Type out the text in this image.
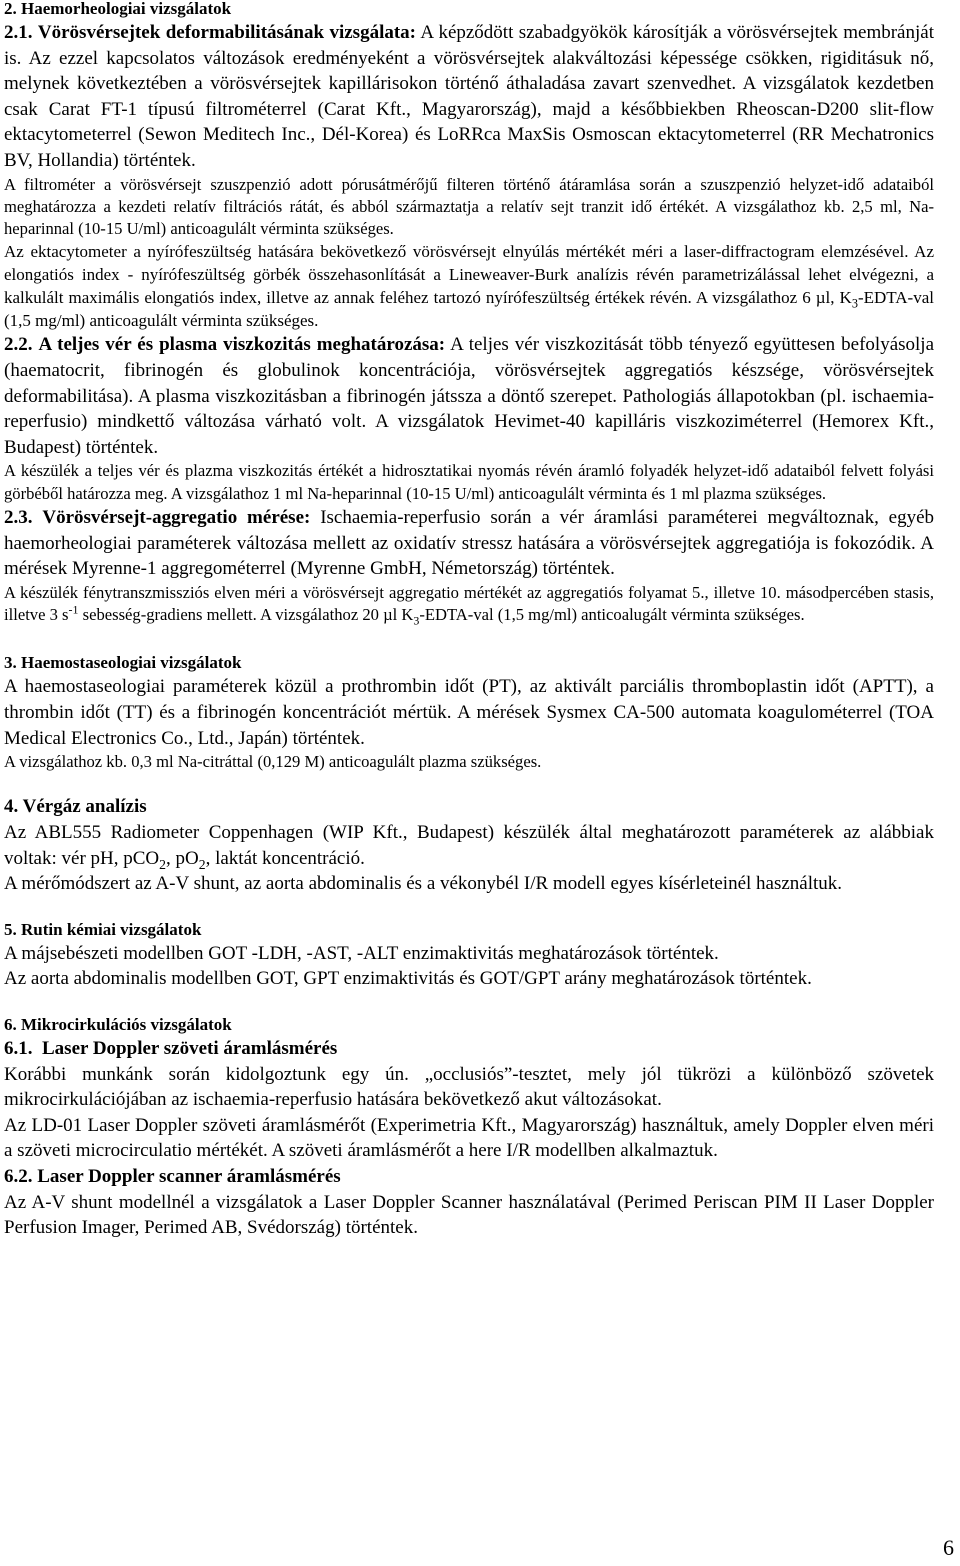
2. Haemorheologiai vizsgálatok

2.1. Vörösvérsejtek deformabilitásának vizsgálata: A képződött szabadgyökök károsítják a vörösvérsejtek membránját is. Az ezzel kapcsolatos változások eredményeként a vörösvérsejtek alakváltozási képessége csökken, rigiditásuk nő, melynek következtében a vörösvérsejtek kapillárisokon történő áthaladása zavart szenvedhet. A vizsgálatok kezdetben csak Carat FT-1 típusú filtrométerrel (Carat Kft., Magyarország), majd a későbbiekben Rheoscan-D200 slit-flow ektacytometerrel (Sewon Meditech Inc., Dél-Korea) és LoRRca MaxSis Osmoscan ektacytometerrel (RR Mechatronics BV, Hollandia) történtek.

A filtrométer a vörösvérsejt szuszpenzió adott pórusátmérőjű filteren történő átáramlása során a szuszpenzió helyzet-idő adataiból meghatározza a kezdeti relatív filtrációs rátát, és abból származtatja a relatív sejt tranzit idő értékét. A vizsgálathoz kb. 2,5 ml, Na-heparinnal (10-15 U/ml) anticoagulált vérminta szükséges.

Az ektacytometer a nyírófeszültség hatására bekövetkező vörösvérsejt elnyúlás mértékét méri a laser-diffractogram elemzésével. Az elongatiós index - nyírófeszültség görbék összehasonlítását a Lineweaver-Burk analízis révén parametrizálással lehet elvégezni, a kalkulált maximális elongatiós index, illetve az annak feléhez tartozó nyírófeszültség értékek révén. A vizsgálathoz 6 µl, $K_3-EDTA$-val (1,5 mg/ml) anticoagulált vérminta szükséges.

2.2. A teljes vér és plasma viszkozitás meghatározása: A teljes vér viszkozitását több tényező együttesen befolyásolja (haematocrit, fibrinogén és globulinok koncentrációja, vörösvérsejtek aggregatiós készsége, vörösvérsejtek deformabilitása). A plasma viszkozitásban a fibrinogén játssza a döntő szerepet. Pathologiás állapotokban (pl. ischaemia-reperfusio) mindkettő változása várható volt. A vizsgálatok Hevimet-40 kapilláris viszkoziméterrel (Hemorex Kft., Budapest) történtek.

A készülék a teljes vér és plazma viszkozitás értékét a hidrosztatikai nyomás révén áramló folyadék helyzet-idő adataiból felvett folyási görbéből határozza meg. A vizsgálathoz 1 ml Na-heparinnal (10-15 U/ml) anticoagulált vérminta és 1 ml plazma szükséges.

2.3. Vörösvérsejt-aggregatio mérése: Ischaemia-reperfusio során a vér áramlási paraméterei megváltoznak, egyéb haemorheologiai paraméterek változása mellett az oxidatív stressz hatására a vörösvérsejtek aggregatiója is fokozódik. A mérések Myrenne-1 aggregométerrel (Myrenne GmbH, Németország) történtek.

A készülék fénytranszmissziós elven méri a vörösvérsejt aggregatio mértékét az aggregatiós folyamat 5., illetve 10. másodpercében stasis, illetve 3 $s^{-1}$ sebesség-gradiens mellett. A vizsgálathoz 20 µl $K_3-EDTA$-val (1,5 mg/ml) anticoalugált vérminta szükséges.

3. Haemostaseologiai vizsgálatok

A haemostaseologiai paraméterek közül a prothrombin időt (PT), az aktivált parciális thromboplastin időt (APTT), a thrombin időt (TT) és a fibrinogén koncentrációt mértük. A mérések Sysmex CA-500 automata koagulométerrel (TOA Medical Electronics Co., Ltd., Japán) történtek.

A vizsgálathoz kb. 0,3 ml Na-citráttal (0,129 M) anticoagulált plazma szükséges.

4. Vérgáz analízis

Az ABL555 Radiometer Coppenhagen (WIP Kft., Budapest) készülék által meghatározott paraméterek az alábbiak voltak: vér pH, pCO$_2$, $pO_2$, laktát koncentráció.

A mérőmódszert az A-V shunt, az aorta abdominalis és a vékonybél I/R modell egyes kísérleteinél használtuk.

5. Rutin kémiai vizsgálatok

A májsebészeti modellben GOT -LDH, -AST, -ALT enzimaktivitás meghatározások történtek.

Az aorta abdominalis modellben GOT, GPT enzimaktivitás és GOT/GPT arány meghatározások történtek.

6. Mikrocirkulációs vizsgálatok

6.1. Laser Doppler szöveti áramlásmérés

Korábbi munkánk során kidolgoztunk egy ún. „occlusiós”-tesztet, mely jól tükrözi a különböző szövetek mikrocirkulációjában az ischaemia-reperfusio hatására bekövetkező akut változásokat.

Az LD-01 Laser Doppler szöveti áramlásmérőt (Experimetria Kft., Magyarország) használtuk, amely Doppler elven méri a szöveti microcirculatio mértékét. A szöveti áramlásmérőt a here I/R modellben alkalmaztuk.

6.2. Laser Doppler scanner áramlásmérés

Az A-V shunt modellnél a vizsgálatok a Laser Doppler Scanner használatával (Perimed Periscan PIM II Laser Doppler Perfusion Imager, Perimed AB, Svédország) történtek.

6
